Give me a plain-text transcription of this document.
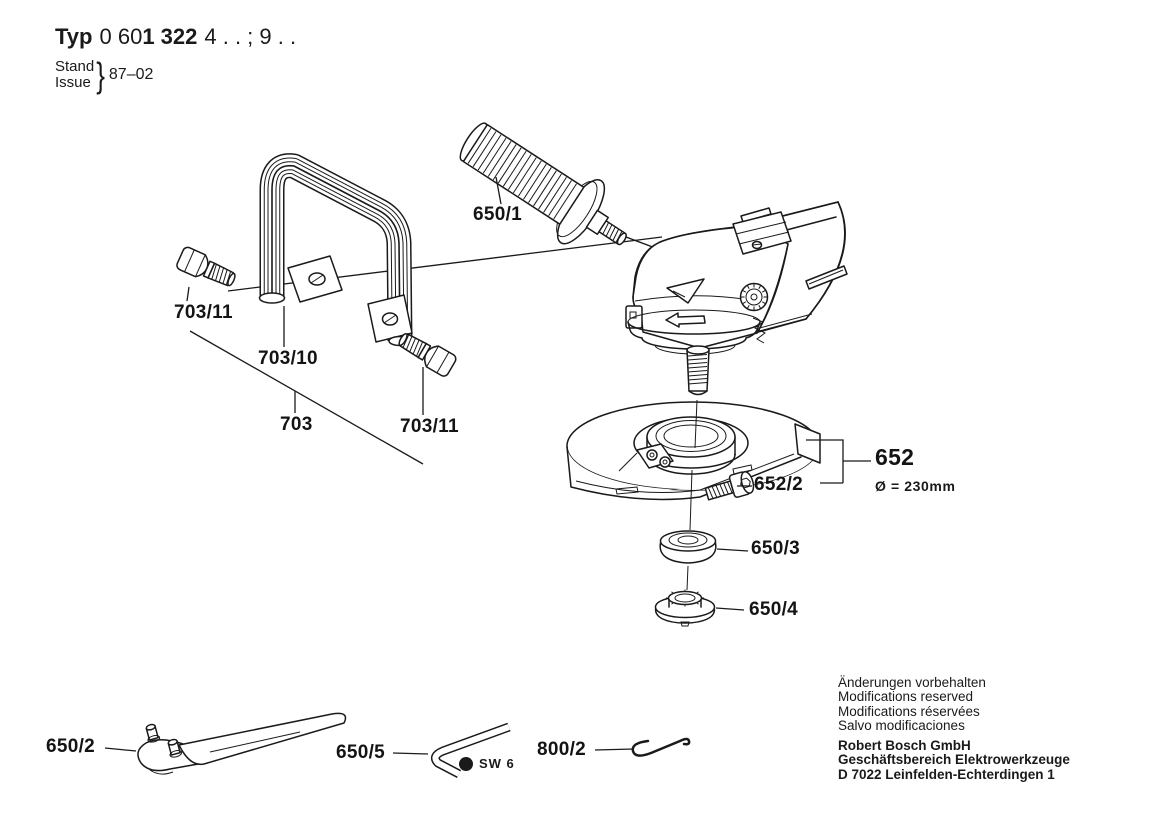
Typ 0 601 322 4 . . ; 9 . .
Stand
Issue } 87–02
650/1
703/11
703/10
703	703/11
652/2
652
Ø = 230mm
650/3
650/4
650/2	650/5
SW 6
800/2
Änderungen vorbehalten
Modifications reserved
Modifications réservées
Salvo modificaciones
Robert Bosch GmbH
Geschäftsbereich Elektrowerkzeuge
D 7022 Leinfelden-Echterdingen 1
